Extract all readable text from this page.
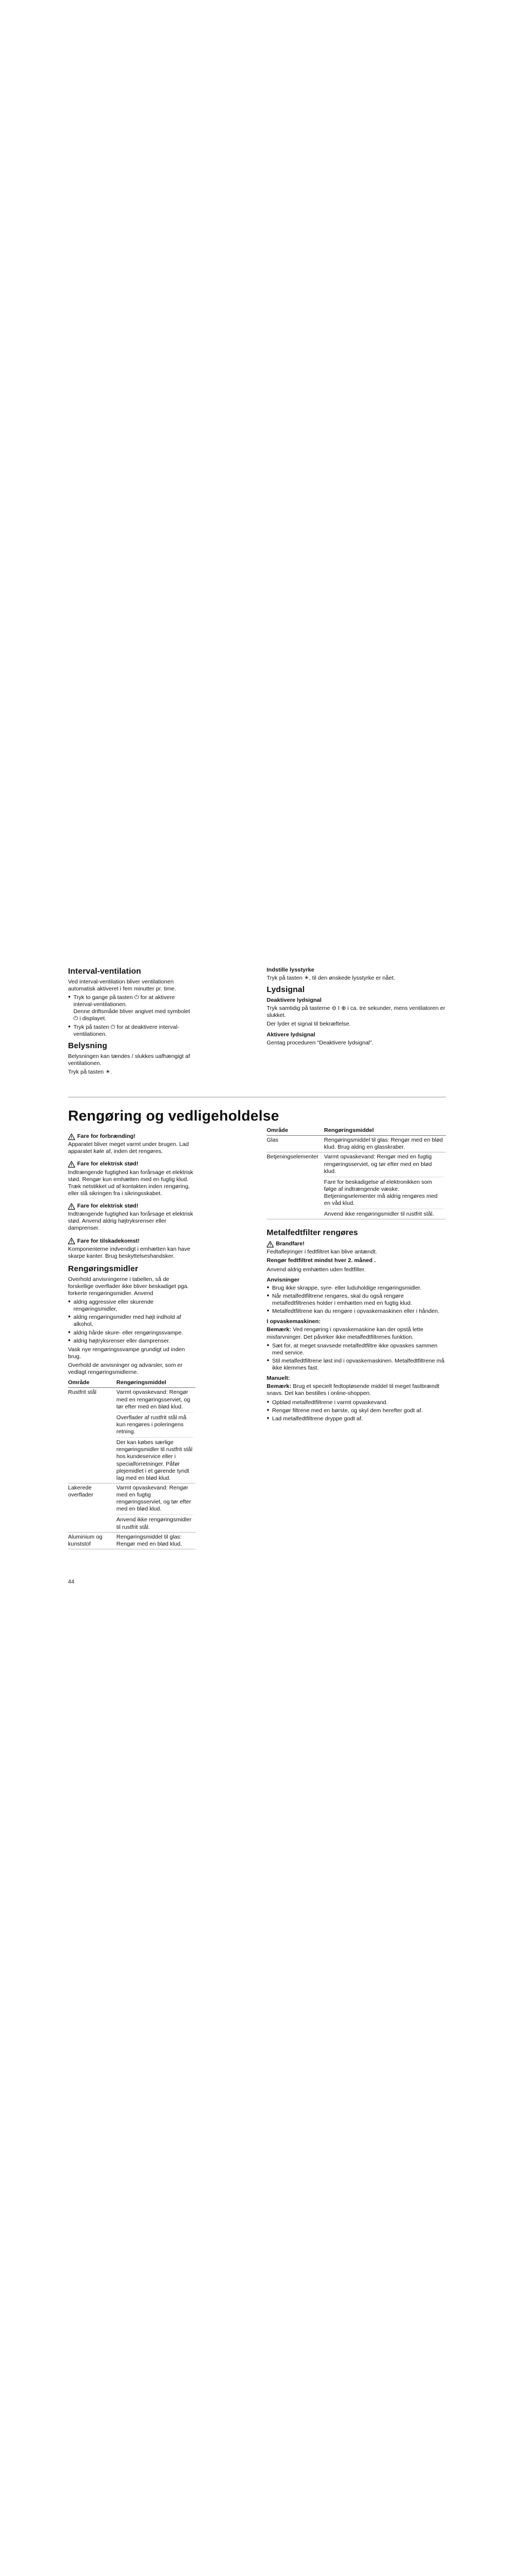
Interval-ventilation

Ved interval-ventilation bliver ventilationen automatisk aktiveret i fem minutter pr. time.

● Tryk to gange på tasten ⏻ for at aktivere interval-ventilationen.
Denne driftsmåde bliver angivet med symbolet ⏻ i displayet.
● Tryk på tasten ⏻ for at deaktivere interval-ventilationen.
Belysning

Belysningen kan tændes / slukkes uafhængigt af ventilationen.

Tryk på tasten ☀.

Indstille lysstyrke

Tryk på tasten ☀, til den ønskede lysstyrke er nået.

Lydsignal
Deaktivere lydsignal

Tryk samtidig på tasterne ⊖ I ⊕ i ca. tre sekunder, mens ventilatoren er slukket.

Der lyder et signal til bekræftelse.

Aktivere lydsignal

Gentag proceduren "Deaktivere lydsignal".

Rengøring og vedligeholdelse
Fare for forbrænding!

Apparatet bliver meget varmt under brugen. Lad apparatet køle af, inden det rengøres.

Fare for elektrisk stød!

Indtrængende fugtighed kan forårsage et elektrisk stød. Rengør kun emhætten med en fugtig klud. Træk netstikket ud af kontakten inden rengøring, eller slå sikringen fra i sikringsskabet.

Fare for elektrisk stød!

Indtrængende fugtighed kan forårsage et elektrisk stød. Anvend aldrig højtryksrenser eller damprenser.

Fare for tilskadekomst!

Komponenterne indvendigt i emhætten kan have skarpe kanter. Brug beskyttelseshandsker.

Rengøringsmidler

Overhold anvisningerne i tabellen, så de forskellige overflader ikke bliver beskadiget pga. forkerte rengøringsmidler. Anvend

● aldrig aggressive eller skurende rengøringsmidler,
● aldrig rengøringsmidler med højt indhold af alkohol,
● aldrig hårde skure- eller rengøringssvampe.
● aldrig højtryksrenser eller damprenser.

Vask nye rengøringssvampe grundigt ud inden brug.

Overhold de anvisninger og advarsler, som er vedlagt rengøringsmidlerne.

Område	Rengøringsmiddel
Rustfrit stål	Varmt opvaskevand: Rengør med en rengøringsserviet, og tør efter med en blød klud.
Overflader af rustfrit stål må kun rengøres i poleringens retning.
Der kan købes særlige rengøringsmidler til rustfrit stål hos kundeservice eller i specialforretninger. Påfør plejemidlet i et gørende tyndt lag med en blød klud.

Lakerede overflader	Varmt opvaskevand: Rengør med en fugtig rengøringsserviet, og tør efter med en blød klud.
Anvend ikke rengøringsmidler til rustfrit stål.

Aluminium og kunststof	Rengøringsmiddel til glas: Rengør med en blød klud.
Område	Rengøringsmiddel
Glas	Rengøringsmiddel til glas: Rengør med en blød klud. Brug aldrig en glasskraber.

Betjeningselementer	Varmt opvaskevand: Rengør med en fugtig rengøringsserviet, og tør efter med en blød klud.
Fare for beskadigelse af elektronikken som følge af indtrængende væske. Betjeningselementer må aldrig rengøres med en våd klud.
Anvend ikke rengøringsmidler til rustfrit stål.
Metalfedtfilter rengøres
Brandfare!

Fedtaflejringer i fedtfiltret kan blive antændt.

Rengør fedtfiltret mindst hver 2. måned .

Anvend aldrig emhætten uden fedtfilter.

Anvisninger
● Brug ikke skrappe, syre- eller luduholdige rengøringsmidler.
● Når metalfedtfiltrene rengøres, skal du også rengøre metalfedtfiltrenes holder i emhætten med en fugtig klud.
● Metalfedtfiltrene kan du rengøre i opvaskemaskinen eller i hånden.
I opvaskemaskinen:

Bemærk: Ved rengøring i opvaskemaskine kan der opstå lette misfarvninger. Det påvirker ikke metalfedtfiltrenes funktion.

● Sæt for, at meget snavsede metalfedtfiltre ikke opvaskes sammen med service.
● Stil metalfedtfiltrene løst ind i opvaskemaskinen. Metalfedtfiltrene må ikke klemmes fast.
Manuelt:

Bemærk: Brug et specielt fedtopløsende middel til meget fastbrændt snavs. Det kan bestilles i online-shoppen.

● Opblød metalfedtfiltrene i varmt opvaskevand.
● Rengør filtrene med en børste, og skyl dem herefter godt af.
● Lad metalfedtfiltrene dryppe godt af.
44
